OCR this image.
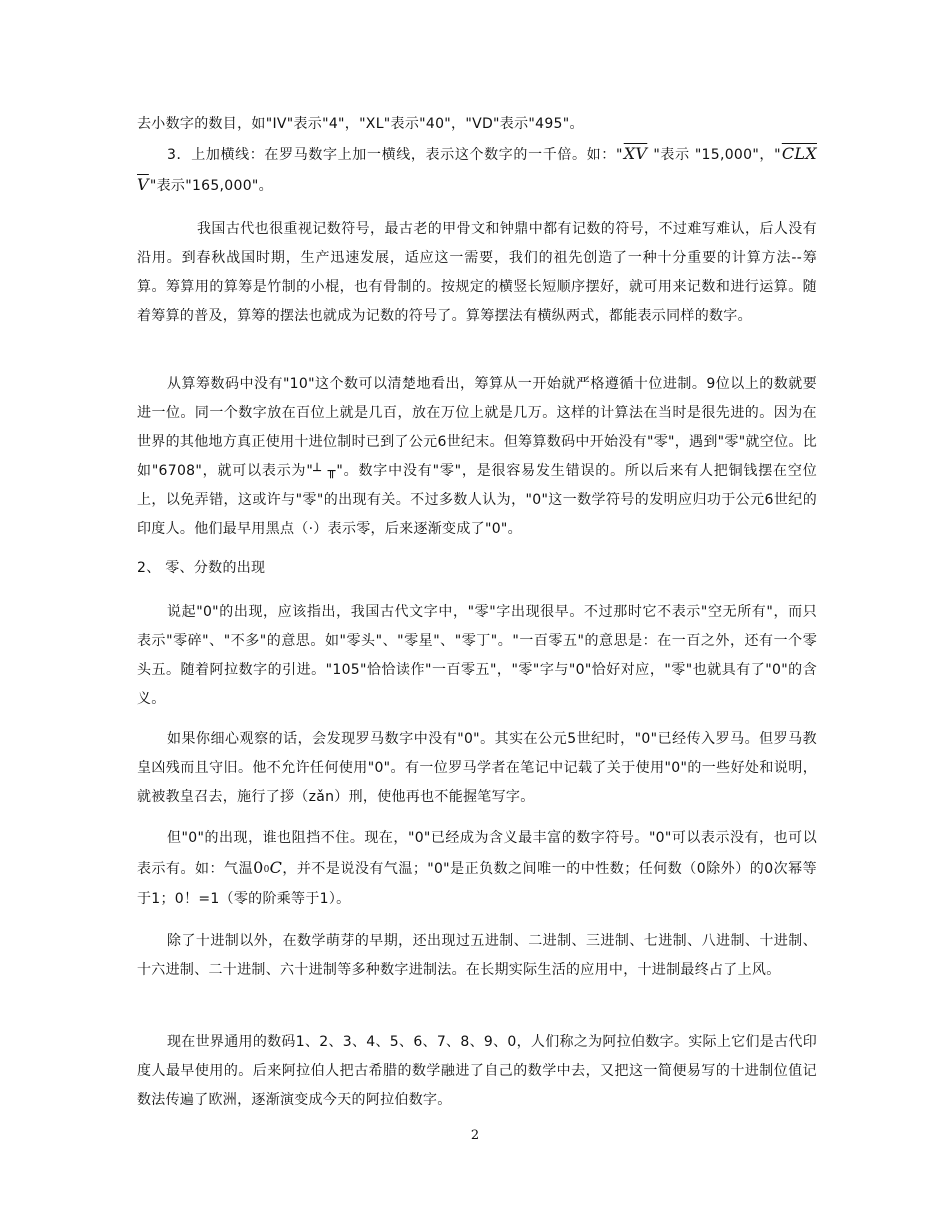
去小数字的数目，如"IV"表示"4"，"XL"表示"40"，"VD"表示"495"。

3．上加横线：在罗马数字上加一横线，表示这个数字的一千倍。如："$\overline{XV}$ "表示 "15,000"，"CLXV"表示"165,000"。

我国古代也很重视记数符号，最古老的甲骨文和钟鼎中都有记数的符号，不过难写难认，后人没有沿用。到春秋战国时期，生产迅速发展，适应这一需要，我们的祖先创造了一种十分重要的计算方法--筹算。筹算用的算筹是竹制的小棍，也有骨制的。按规定的横竖长短顺序摆好，就可用来记数和进行运算。随着筹算的普及，算筹的摆法也就成为记数的符号了。算筹摆法有横纵两式，都能表示同样的数字。

从算筹数码中没有"10"这个数可以清楚地看出，筹算从一开始就严格遵循十位进制。9位以上的数就要进一位。同一个数字放在百位上就是几百，放在万位上就是几万。这样的计算法在当时是很先进的。因为在世界的其他地方真正使用十进位制时已到了公元6世纪末。但筹算数码中开始没有"零"，遇到"零"就空位。比如"6708"，就可以表示为"┴ ╥"。数字中没有"零"，是很容易发生错误的。所以后来有人把铜钱摆在空位上，以免弄错，这或许与"零"的出现有关。不过多数人认为，"0"这一数学符号的发明应归功于公元6世纪的印度人。他们最早用黑点（·）表示零，后来逐渐变成了"0"。

2、 零、分数的出现

说起"0"的出现，应该指出，我国古代文字中，"零"字出现很早。不过那时它不表示"空无所有"，而只表示"零碎"、"不多"的意思。如"零头"、"零星"、"零丁"。"一百零五"的意思是：在一百之外，还有一个零头五。随着阿拉数字的引进。"105"恰恰读作"一百零五"，"零"字与"0"恰好对应，"零"也就具有了"0"的含义。

如果你细心观察的话，会发现罗马数字中没有"0"。其实在公元5世纪时，"0"已经传入罗马。但罗马教皇凶残而且守旧。他不允许任何使用"0"。有一位罗马学者在笔记中记载了关于使用"0"的一些好处和说明，就被教皇召去，施行了拶（zǎn）刑，使他再也不能握笔写字。

但"0"的出现，谁也阻挡不住。现在，"0"已经成为含义最丰富的数字符号。"0"可以表示没有，也可以表示有。如：气温00C，并不是说没有气温；"0"是正负数之间唯一的中性数；任何数（0除外）的0次幂等于1；0！=1（零的阶乘等于1）。

除了十进制以外，在数学萌芽的早期，还出现过五进制、二进制、三进制、七进制、八进制、十进制、十六进制、二十进制、六十进制等多种数字进制法。在长期实际生活的应用中，十进制最终占了上风。

现在世界通用的数码1、2、3、4、5、6、7、8、9、0，人们称之为阿拉伯数字。实际上它们是古代印度人最早使用的。后来阿拉伯人把古希腊的数学融进了自己的数学中去，又把这一简便易写的十进制位值记数法传遍了欧洲，逐渐演变成今天的阿拉伯数字。

2
